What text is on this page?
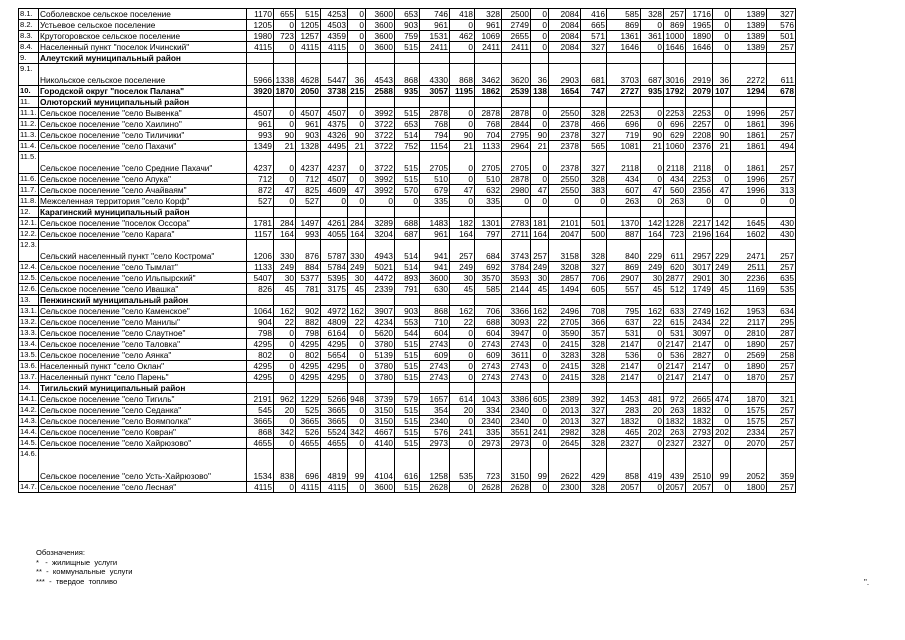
8.1.	Соболевское сельское поселение	1170	655	515	4253	0	3600	653	746	418	328	2500	0	2084	416	585	328	257	1716	0	1389	327
8.2.	Устьевое сельское поселение	1205	0	1205	4503	0	3600	903	961	0	961	2749	0	2084	665	869	0	869	1965	0	1389	576
8.3.	Крутогоровское сельское поселение	1980	723	1257	4359	0	3600	759	1531	462	1069	2655	0	2084	571	1361	361	1000	1890	0	1389	501
8.4.	Населенный пункт "поселок Ичинский"	4115	0	4115	4115	0	3600	515	2411	0	2411	2411	0	2084	327	1646	0	1646	1646	0	1389	257
9.	Алеутский муниципальный район																					
9.1.	Никольское сельское поселение	5966	1338	4628	5447	36	4543	868	4330	868	3462	3620	36	2903	681	3703	687	3016	2919	36	2272	611
10.	Городской округ "поселок Палана"	3920	1870	2050	3738	215	2588	935	3057	1195	1862	2539	138	1654	747	2727	935	1792	2079	107	1294	678
11.	Олюторский муниципальный район																					
11.1.	Сельское поселение "село Вывенка"	4507	0	4507	4507	0	3992	515	2878	0	2878	2878	0	2550	328	2253	0	2253	2253	0	1996	257
11.2.	Сельское поселение "село Хаилино"	961	0	961	4375	0	3722	653	768	0	768	2844	0	2378	466	696	0	696	2257	0	1861	396
11.3.	Сельское поселение "село Тиличики"	993	90	903	4326	90	3722	514	794	90	704	2795	90	2378	327	719	90	629	2208	90	1861	257
11.4.	Сельское поселение "село Пахачи"	1349	21	1328	4495	21	3722	752	1154	21	1133	2964	21	2378	565	1081	21	1060	2376	21	1861	494
11.5.	Сельское поселение "село Средние Пахачи"	4237	0	4237	4237	0	3722	515	2705	0	2705	2705	0	2378	327	2118	0	2118	2118	0	1861	257
11.6.	Сельское поселение "село Апука"	712	0	712	4507	0	3992	515	510	0	510	2878	0	2550	328	434	0	434	2253	0	1996	257
11.7.	Сельское поселение "село Ачайваям"	872	47	825	4609	47	3992	570	679	47	632	2980	47	2550	383	607	47	560	2356	47	1996	313
11.8.	Межселенная территория "село Корф"	527	0	527	0	0	0	0	335	0	335	0	0	0	0	263	0	263	0	0	0	0
12.	Карагинский муниципальный район																					
12.1.	Сельское поселение "поселок Оссора"	1781	284	1497	4261	284	3289	688	1483	182	1301	2783	181	2101	501	1370	142	1228	2217	142	1645	430
12.2.	Сельское поселение "село Карага"	1157	164	993	4055	164	3204	687	961	164	797	2711	164	2047	500	887	164	723	2196	164	1602	430
12.3.	Сельский населенный пункт "село Кострома"	1206	330	876	5787	330	4943	514	941	257	684	3743	257	3158	328	840	229	611	2957	229	2471	257
12.4.	Сельское поселение "село Тымлат"	1133	249	884	5784	249	5021	514	941	249	692	3784	249	3208	327	869	249	620	3017	249	2511	257
12.5.	Сельское поселение "село Ильпырский"	5407	30	5377	5395	30	4472	893	3600	30	3570	3593	30	2857	706	2907	30	2877	2901	30	2236	635
12.6.	Сельское поселение "село Ивашка"	826	45	781	3175	45	2339	791	630	45	585	2144	45	1494	605	557	45	512	1749	45	1169	535
13.	Пенжинский муниципальный район																					
13.1.	Сельское поселение "село Каменское"	1064	162	902	4972	162	3907	903	868	162	706	3366	162	2496	708	795	162	633	2749	162	1953	634
13.2.	Сельское поселение "село Манилы"	904	22	882	4809	22	4234	553	710	22	688	3093	22	2705	366	637	22	615	2434	22	2117	295
13.3.	Сельское поселение "село Слаутное"	798	0	798	6164	0	5620	544	604	0	604	3947	0	3590	357	531	0	531	3097	0	2810	287
13.4.	Сельское поселение "село Таловка"	4295	0	4295	4295	0	3780	515	2743	0	2743	2743	0	2415	328	2147	0	2147	2147	0	1890	257
13.5.	Сельское поселение "село Аянка"	802	0	802	5654	0	5139	515	609	0	609	3611	0	3283	328	536	0	536	2827	0	2569	258
13.6.	Населенный пункт "село Оклан"	4295	0	4295	4295	0	3780	515	2743	0	2743	2743	0	2415	328	2147	0	2147	2147	0	1890	257
13.7.	Населенный пункт "село Парень"	4295	0	4295	4295	0	3780	515	2743	0	2743	2743	0	2415	328	2147	0	2147	2147	0	1870	257
14.	Тигильский муниципальный район																					
14.1.	Сельское поселение "село Тигиль"	2191	962	1229	5266	948	3739	579	1657	614	1043	3386	605	2389	392	1453	481	972	2665	474	1870	321
14.2.	Сельское поселение "село Седанка"	545	20	525	3665	0	3150	515	354	20	334	2340	0	2013	327	283	20	263	1832	0	1575	257
14.3.	Сельское поселение "село Воямполка"	3665	0	3665	3665	0	3150	515	2340	0	2340	2340	0	2013	327	1832	0	1832	1832	0	1575	257
14.4.	Сельское поселение "село Ковран"	868	342	526	5524	342	4667	515	576	241	335	3551	241	2982	328	465	202	263	2793	202	2334	257
14.5.	Сельское поселение "село Хайрюзово"	4655	0	4655	4655	0	4140	515	2973	0	2973	2973	0	2645	328	2327	0	2327	2327	0	2070	257
14.6.	Сельское поселение "село Усть-Хайрюзово"	1534	838	696	4819	99	4104	616	1258	535	723	3150	99	2622	429	858	419	439	2510	99	2052	359
14.7.	Сельское поселение "село Лесная"	4115	0	4115	4115	0	3600	515	2628	0	2628	2628	0	2300	328	2057	0	2057	2057	0	1800	257
Обозначения:
*   -  жилищные  услуги
**  -  коммунальные  услуги
***  -  твердое  топливо	".
